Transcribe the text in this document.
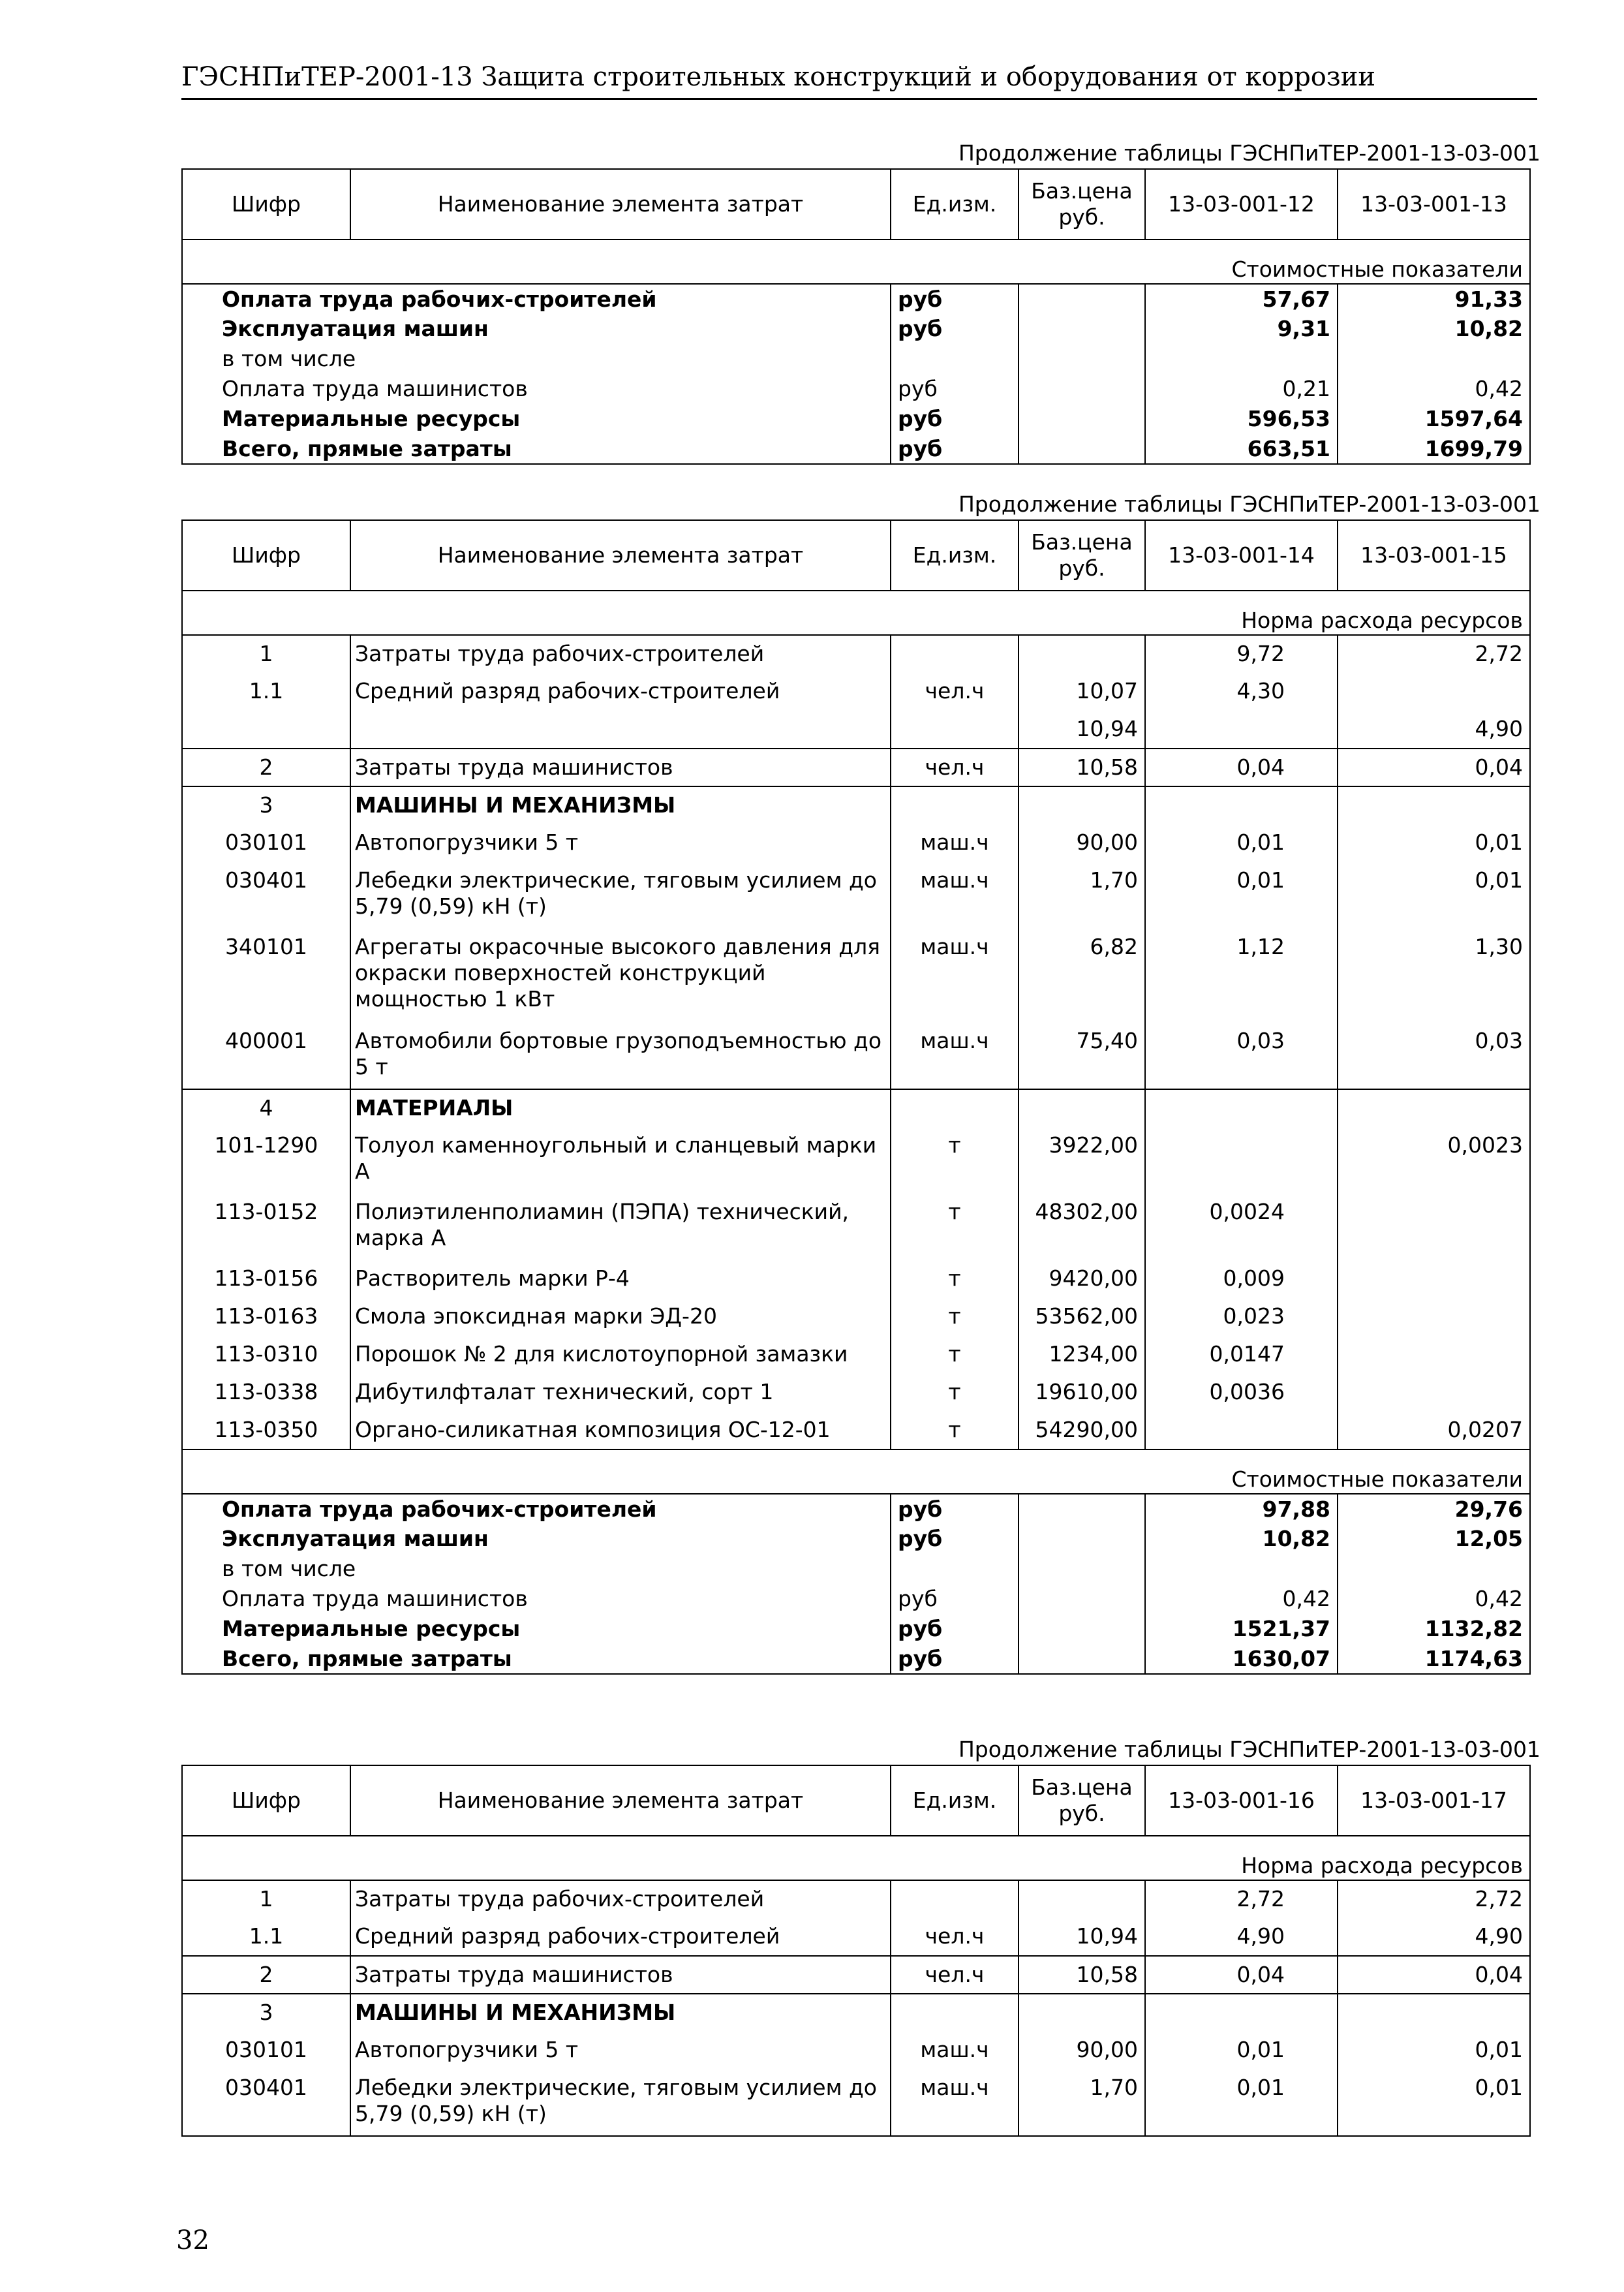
ГЭСНПиТЕР-2001-13 Защита строительных конструкций и оборудования от коррозии
Продолжение таблицы ГЭСНПиТЕР-2001-13-03-001
Шифр	Наименование элемента затрат	Ед.изм.	Баз.цена руб.	13-03-001-12	13-03-001-13

Стоимостные показатели					
Оплата труда рабочих-строителей		руб		57,67	91,33
Эксплуатация машин		руб		9,31	10,82
в том числе					
Оплата труда машинистов		руб		0,21	0,42
Материальные ресурсы		руб		596,53	1597,64
Всего, прямые затраты		руб		663,51	1699,79
Продолжение таблицы ГЭСНПиТЕР-2001-13-03-001
Шифр	Наименование элемента затрат	Ед.изм.	Баз.цена руб.	13-03-001-14	13-03-001-15

Норма расхода ресурсов					
1	Затраты труда рабочих-строителей			9,72	2,72
1.1	Средний разряд рабочих-строителей	чел.ч	10,07	4,30	
			10,94		4,90
2	Затраты труда машинистов	чел.ч	10,58	0,04	0,04
3	МАШИНЫ И МЕХАНИЗМЫ				
030101	Автопогрузчики 5 т	маш.ч	90,00	0,01	0,01
030401	Лебедки электрические, тяговым усилием до 5,79 (0,59) кН (т)	маш.ч	1,70	0,01	0,01
340101	Агрегаты окрасочные высокого давления для окраски поверхностей конструкций мощностью 1 кВт	маш.ч	6,82	1,12	1,30
400001	Автомобили бортовые грузоподъемностью до 5 т	маш.ч	75,40	0,03	0,03
4	МАТЕРИАЛЫ				
101-1290	Толуол каменноугольный и сланцевый марки А	т	3922,00		0,0023
113-0152	Полиэтиленполиамин (ПЭПА) технический, марка А	т	48302,00	0,0024	
113-0156	Растворитель марки Р-4	т	9420,00	0,009	
113-0163	Смола эпоксидная марки ЭД-20	т	53562,00	0,023	
113-0310	Порошок № 2 для кислотоупорной замазки	т	1234,00	0,0147	
113-0338	Дибутилфталат технический, сорт 1	т	19610,00	0,0036	
113-0350	Органо-силикатная композиция ОС-12-01	т	54290,00		0,0207

Стоимостные показатели					
Оплата труда рабочих-строителей		руб		97,88	29,76
Эксплуатация машин		руб		10,82	12,05
в том числе					
Оплата труда машинистов		руб		0,42	0,42
Материальные ресурсы		руб		1521,37	1132,82
Всего, прямые затраты		руб		1630,07	1174,63
Продолжение таблицы ГЭСНПиТЕР-2001-13-03-001
Шифр	Наименование элемента затрат	Ед.изм.	Баз.цена руб.	13-03-001-16	13-03-001-17

Норма расхода ресурсов					
1	Затраты труда рабочих-строителей			2,72	2,72
1.1	Средний разряд рабочих-строителей	чел.ч	10,94	4,90	4,90
2	Затраты труда машинистов	чел.ч	10,58	0,04	0,04
3	МАШИНЫ И МЕХАНИЗМЫ				
030101	Автопогрузчики 5 т	маш.ч	90,00	0,01	0,01
030401	Лебедки электрические, тяговым усилием до 5,79 (0,59) кН (т)	маш.ч	1,70	0,01	0,01
32
